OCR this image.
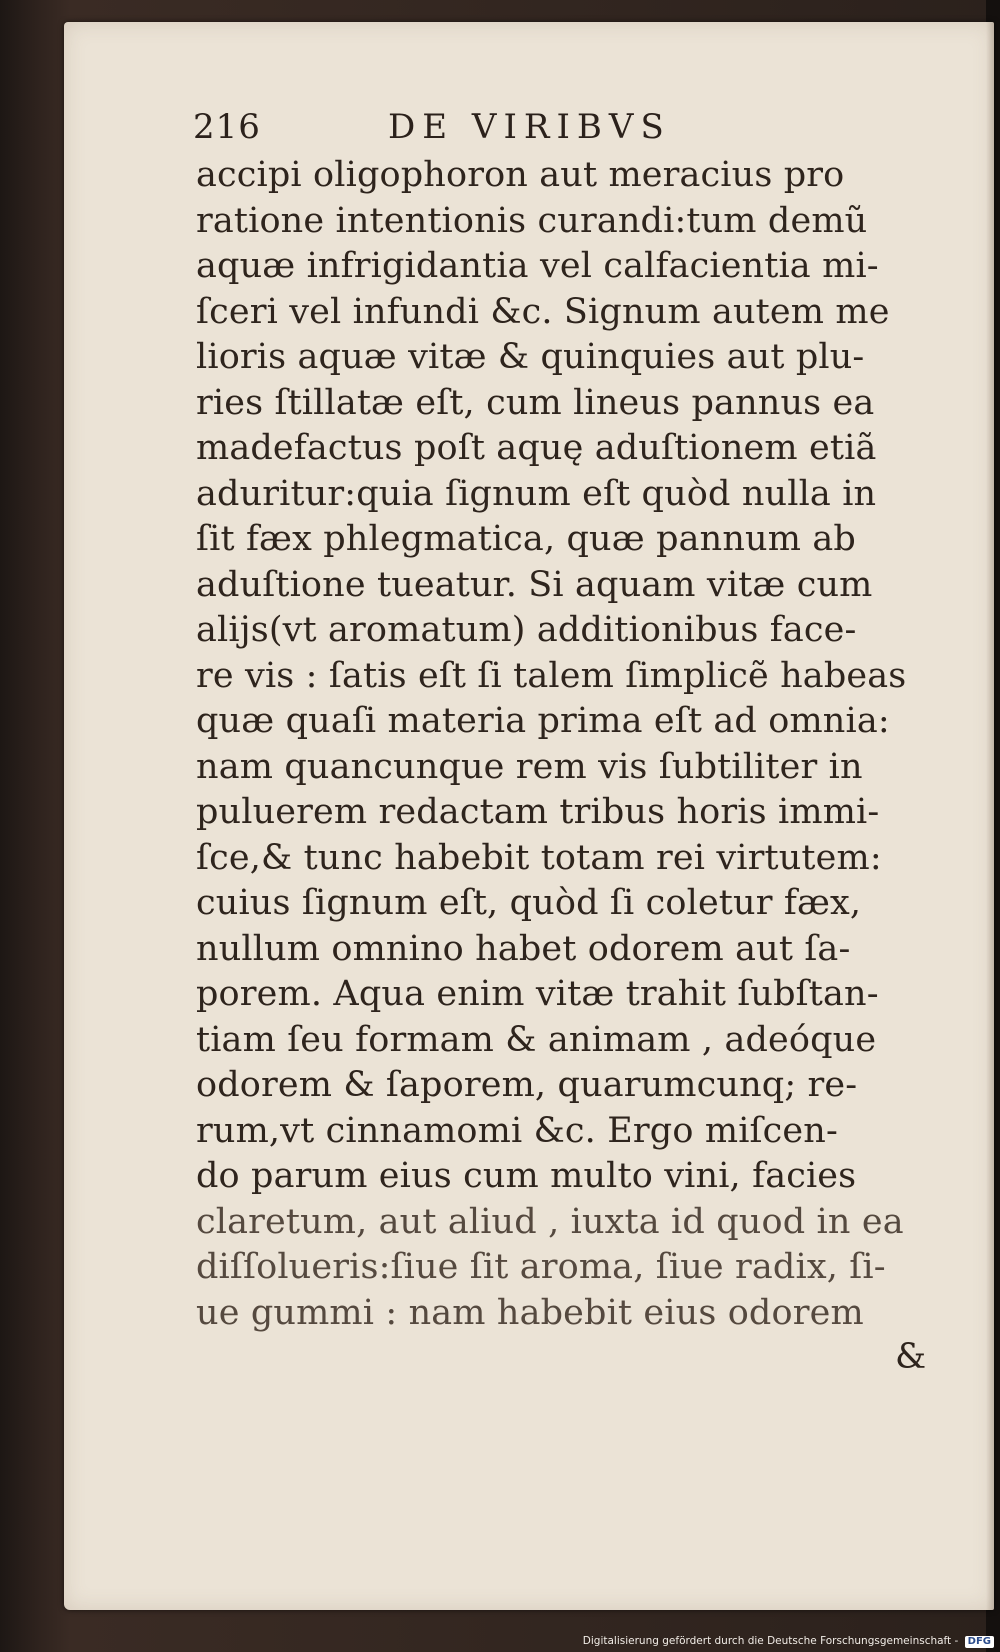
216	DE VIRIBVS
accipi oligophoron aut meracius pro
ratione intentionis curandi:tum demũ
aquæ infrigidantia vel calfacientia mi-
ſceri vel infundi &c. Signum autem me
lioris aquæ vitæ & quinquies aut plu-
ries ſtillatæ eſt, cum lineus pannus ea
madefactus poſt aquę aduſtionem etiã
aduritur:quia ſignum eſt quòd nulla in
ſit fæx phlegmatica, quæ pannum ab
aduſtione tueatur. Si aquam vitæ cum
aliјs(vt aromatum) additionibus face-
re vis : ſatis eſt ſi talem ſimplicẽ habeas
quæ quaſi materia prima eſt ad omnia:
nam quancunque rem vis ſubtiliter in
puluerem redactam tribus horis immi-
ſce,& tunc habebit totam rei virtutem:
cuius ſignum eſt, quòd ſi coletur fæx,
nullum omnino habet odorem aut ſa-
porem. Aqua enim vitæ trahit ſubſtan-
tiam ſeu formam & animam , adeóque
odorem & ſaporem, quarumcunq; re-
rum,vt cinnamomi &c. Ergo miſcen-
do parum eius cum multo vini, facies
claretum, aut aliud , iuxta id quod in ea
diſſolueris:ſiue ſit aroma, ſiue radix, ſi-
ue gummi : nam habebit eius odorem
&
Digitalisierung gefördert durch die Deutsche Forschungsgemeinschaft - DFG
